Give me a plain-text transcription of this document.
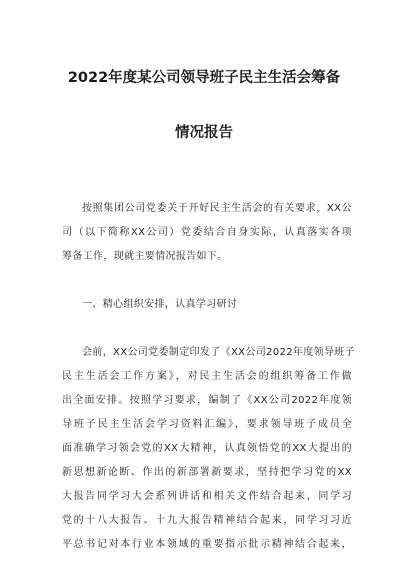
2022年度某公司领导班子民主生活会筹备
情况报告
按照集团公司党委关于开好民主生活会的有关要求，XX公
司（以下简称XX公司）党委结合自身实际，认真落实各项
筹备工作，现就主要情况报告如下。
一、精心组织安排，认真学习研讨
会前，XX公司党委制定印发了《XX公司2022年度领导班子
民主生活会工作方案》，对民主生活会的组织筹备工作做
出全面安排。按照学习要求，编制了《XX公司2022年度领
导班子民主生活会学习资料汇编》，要求领导班子成员全
面准确学习领会党的XX大精神，认真领悟党的XX大提出的
新思想新论断、作出的新部署新要求，坚持把学习党的XX
大报告同学习大会系列讲话和相关文件结合起来，同学习
党的十八大报告、十九大报告精神结合起来，同学习习近
平总书记对本行业本领域的重要指示批示精神结合起来，
